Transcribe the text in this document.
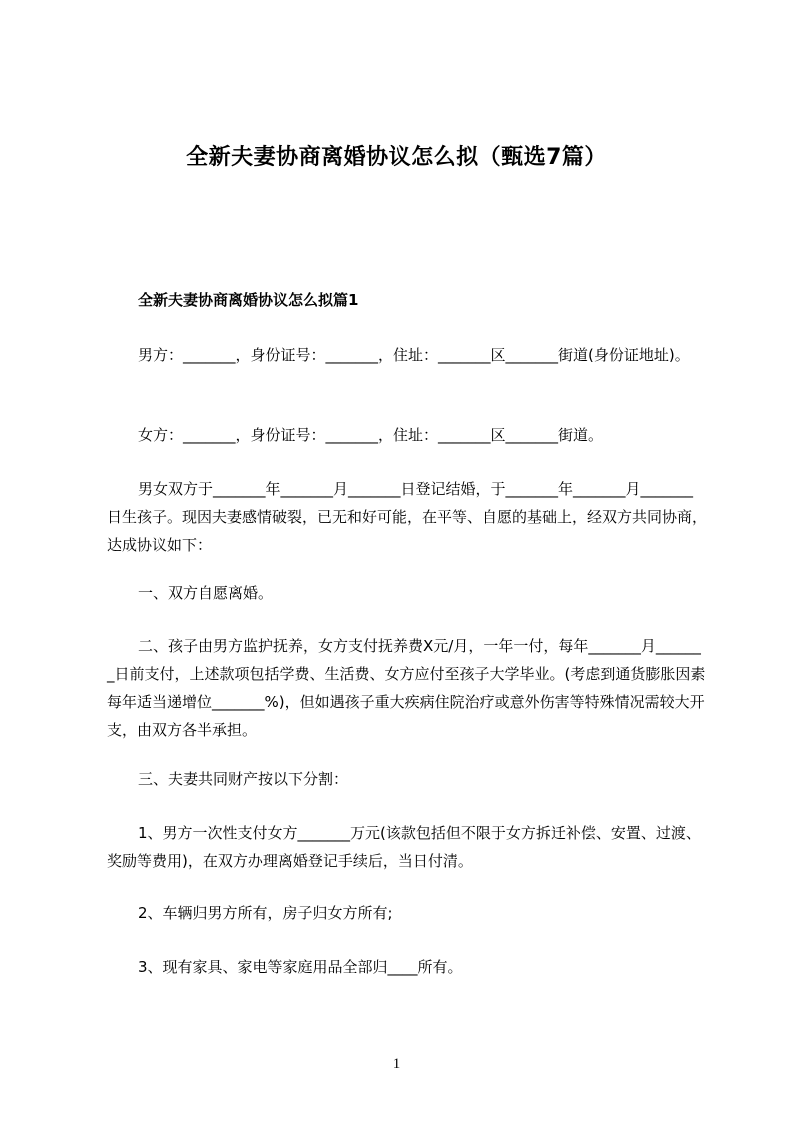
全新夫妻协商离婚协议怎么拟（甄选7篇）
全新夫妻协商离婚协议怎么拟篇1
男方：_______，身份证号：_______，住址：_______区_______街道(身份证地址)。
女方：_______，身份证号：_______，住址：_______区_______街道。
男女双方于_______年_______月_______日登记结婚，于_______年_______月_______日生孩子。现因夫妻感情破裂，已无和好可能，在平等、自愿的基础上，经双方共同协商，达成协议如下：
一、双方自愿离婚。
二、孩子由男方监护抚养，女方支付抚养费X元/月，一年一付，每年_______月_______日前支付，上述款项包括学费、生活费、女方应付至孩子大学毕业。(考虑到通货膨胀因素每年适当递增位_______%)，但如遇孩子重大疾病住院治疗或意外伤害等特殊情况需较大开支，由双方各半承担。
三、夫妻共同财产按以下分割：
1、男方一次性支付女方_______万元(该款包括但不限于女方拆迁补偿、安置、过渡、奖励等费用)，在双方办理离婚登记手续后，当日付清。
2、车辆归男方所有，房子归女方所有;
3、现有家具、家电等家庭用品全部归____所有。
1
